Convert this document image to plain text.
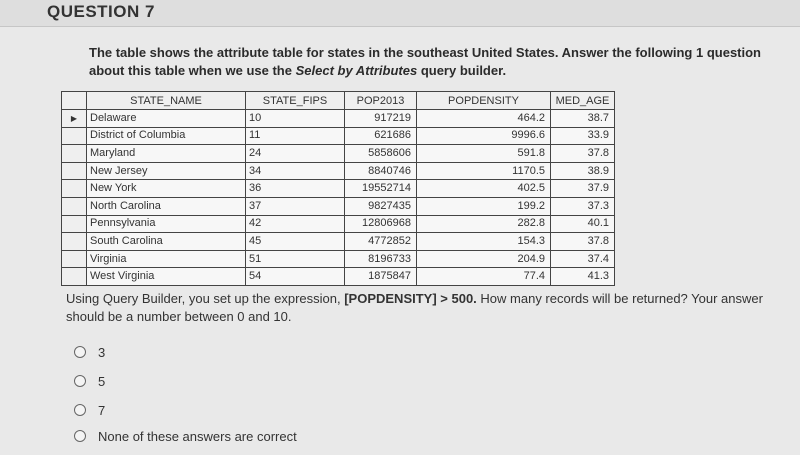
QUESTION 7
The table shows the attribute table for states in the southeast United States. Answer the following 1 question about this table when we use the Select by Attributes query builder.
	STATE_NAME	STATE_FIPS	POP2013	POPDENSITY	MED_AGE
▶	Delaware	10	917219	464.2	38.7
	District of Columbia	11	621686	9996.6	33.9
	Maryland	24	5858606	591.8	37.8
	New Jersey	34	8840746	1170.5	38.9
	New York	36	19552714	402.5	37.9
	North Carolina	37	9827435	199.2	37.3
	Pennsylvania	42	12806968	282.8	40.1
	South Carolina	45	4772852	154.3	37.8
	Virginia	51	8196733	204.9	37.4
	West Virginia	54	1875847	77.4	41.3
Using Query Builder, you set up the expression, [POPDENSITY] > 500. How many records will be returned? Your answer should be a number between 0 and 10.
3
5
7
None of these answers are correct
